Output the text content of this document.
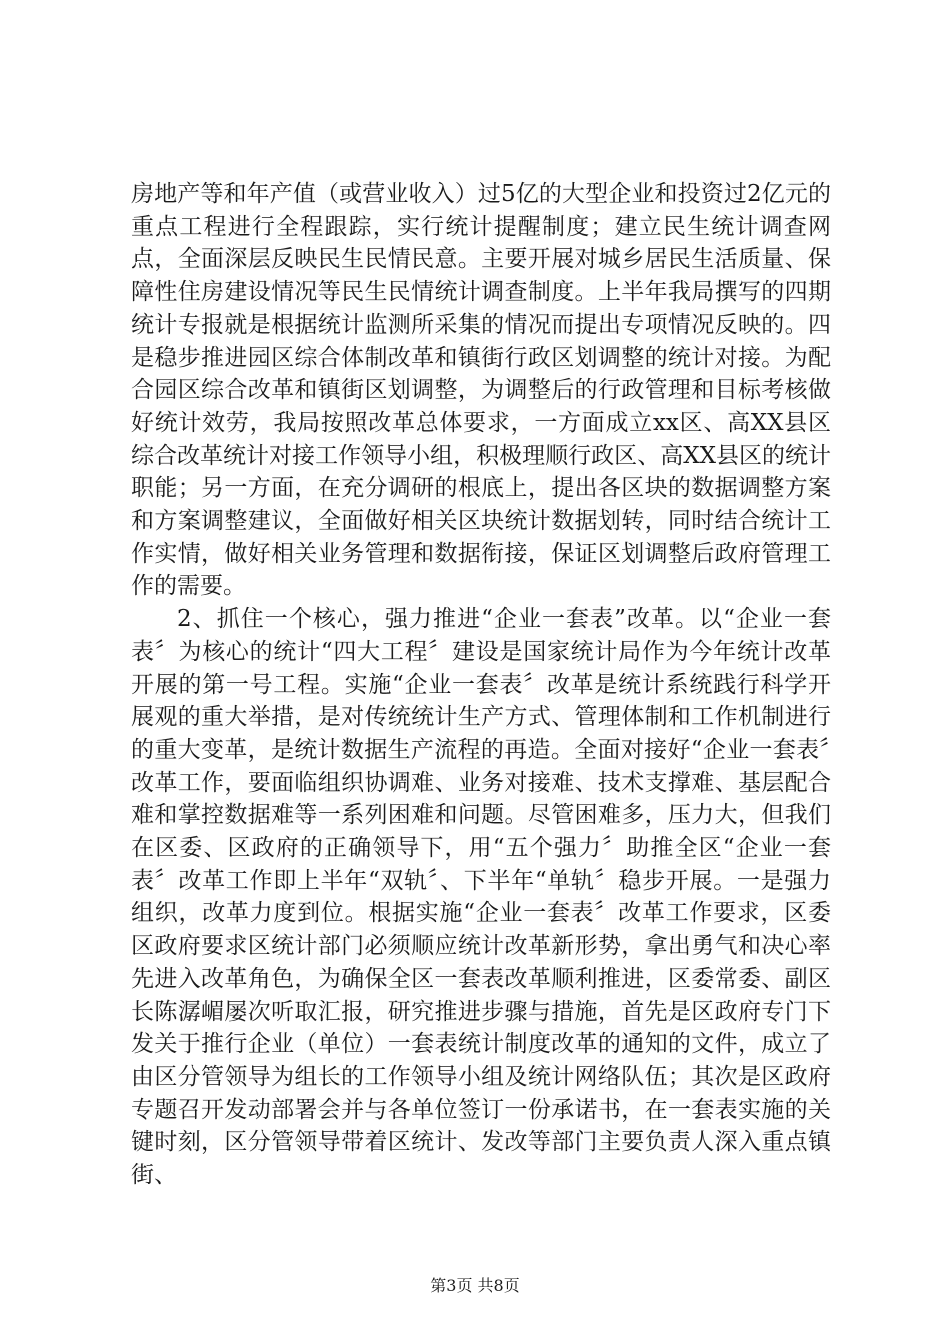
房地产等和年产值（或营业收入）过5亿的大型企业和投资过2亿元的重点工程进行全程跟踪，实行统计提醒制度；建立民生统计调查网点，全面深层反映民生民情民意。主要开展对城乡居民生活质量、保障性住房建设情况等民生民情统计调查制度。上半年我局撰写的四期统计专报就是根据统计监测所采集的情况而提出专项情况反映的。四是稳步推进园区综合体制改革和镇街行政区划调整的统计对接。为配合园区综合改革和镇街区划调整，为调整后的行政管理和目标考核做好统计效劳，我局按照改革总体要求，一方面成立xx区、高XX县区综合改革统计对接工作领导小组，积极理顺行政区、高XX县区的统计职能；另一方面，在充分调研的根底上，提出各区块的数据调整方案和方案调整建议，全面做好相关区块统计数据划转，同时结合统计工作实情，做好相关业务管理和数据衔接，保证区划调整后政府管理工作的需要。

2、抓住一个核心，强力推进“企业一套表”改革。以“企业一套表〞为核心的统计“四大工程〞建设是国家统计局作为今年统计改革开展的第一号工程。实施“企业一套表〞改革是统计系统践行科学开展观的重大举措，是对传统统计生产方式、管理体制和工作机制进行的重大变革，是统计数据生产流程的再造。全面对接好“企业一套表〞改革工作，要面临组织协调难、业务对接难、技术支撑难、基层配合难和掌控数据难等一系列困难和问题。尽管困难多，压力大，但我们在区委、区政府的正确领导下，用“五个强力〞助推全区“企业一套表〞改革工作即上半年“双轨〞、下半年“单轨〞稳步开展。一是强力组织，改革力度到位。根据实施“企业一套表〞改革工作要求，区委区政府要求区统计部门必须顺应统计改革新形势，拿出勇气和决心率先进入改革角色，为确保全区一套表改革顺利推进，区委常委、副区长陈潺嵋屡次听取汇报，研究推进步骤与措施，首先是区政府专门下发关于推行企业（单位）一套表统计制度改革的通知的文件，成立了由区分管领导为组长的工作领导小组及统计网络队伍；其次是区政府专题召开发动部署会并与各单位签订一份承诺书，在一套表实施的关键时刻，区分管领导带着区统计、发改等部门主要负责人深入重点镇街、

第3页 共8页
